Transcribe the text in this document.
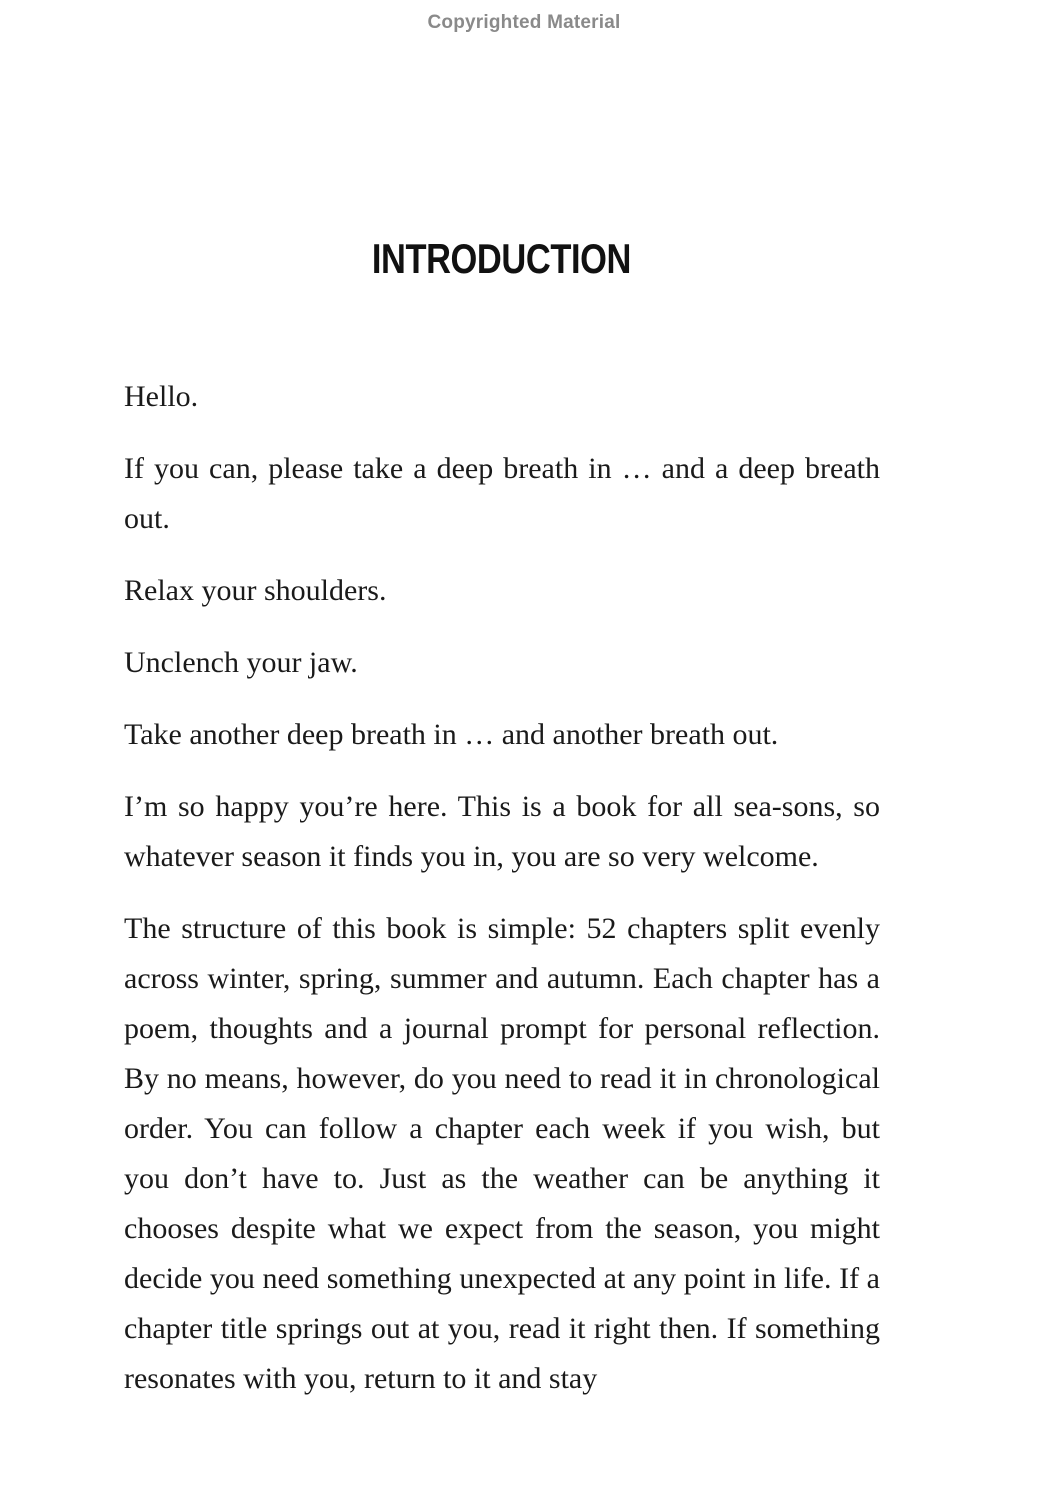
Copyrighted Material
INTRODUCTION

Hello.

If you can, please take a deep breath in … and a deep breath out.

Relax your shoulders.

Unclench your jaw.

Take another deep breath in … and another breath out.

I’m so happy you’re here. This is a book for all sea-sons, so whatever season it finds you in, you are so very welcome.

The structure of this book is simple: 52 chapters split evenly across winter, spring, summer and autumn. Each chapter has a poem, thoughts and a journal prompt for personal reflection. By no means, however, do you need to read it in chronological order. You can follow a chapter each week if you wish, but you don’t have to. Just as the weather can be anything it chooses despite what we expect from the season, you might decide you need something unexpected at any point in life. If a chapter title springs out at you, read it right then. If something resonates with you, return to it and stay
